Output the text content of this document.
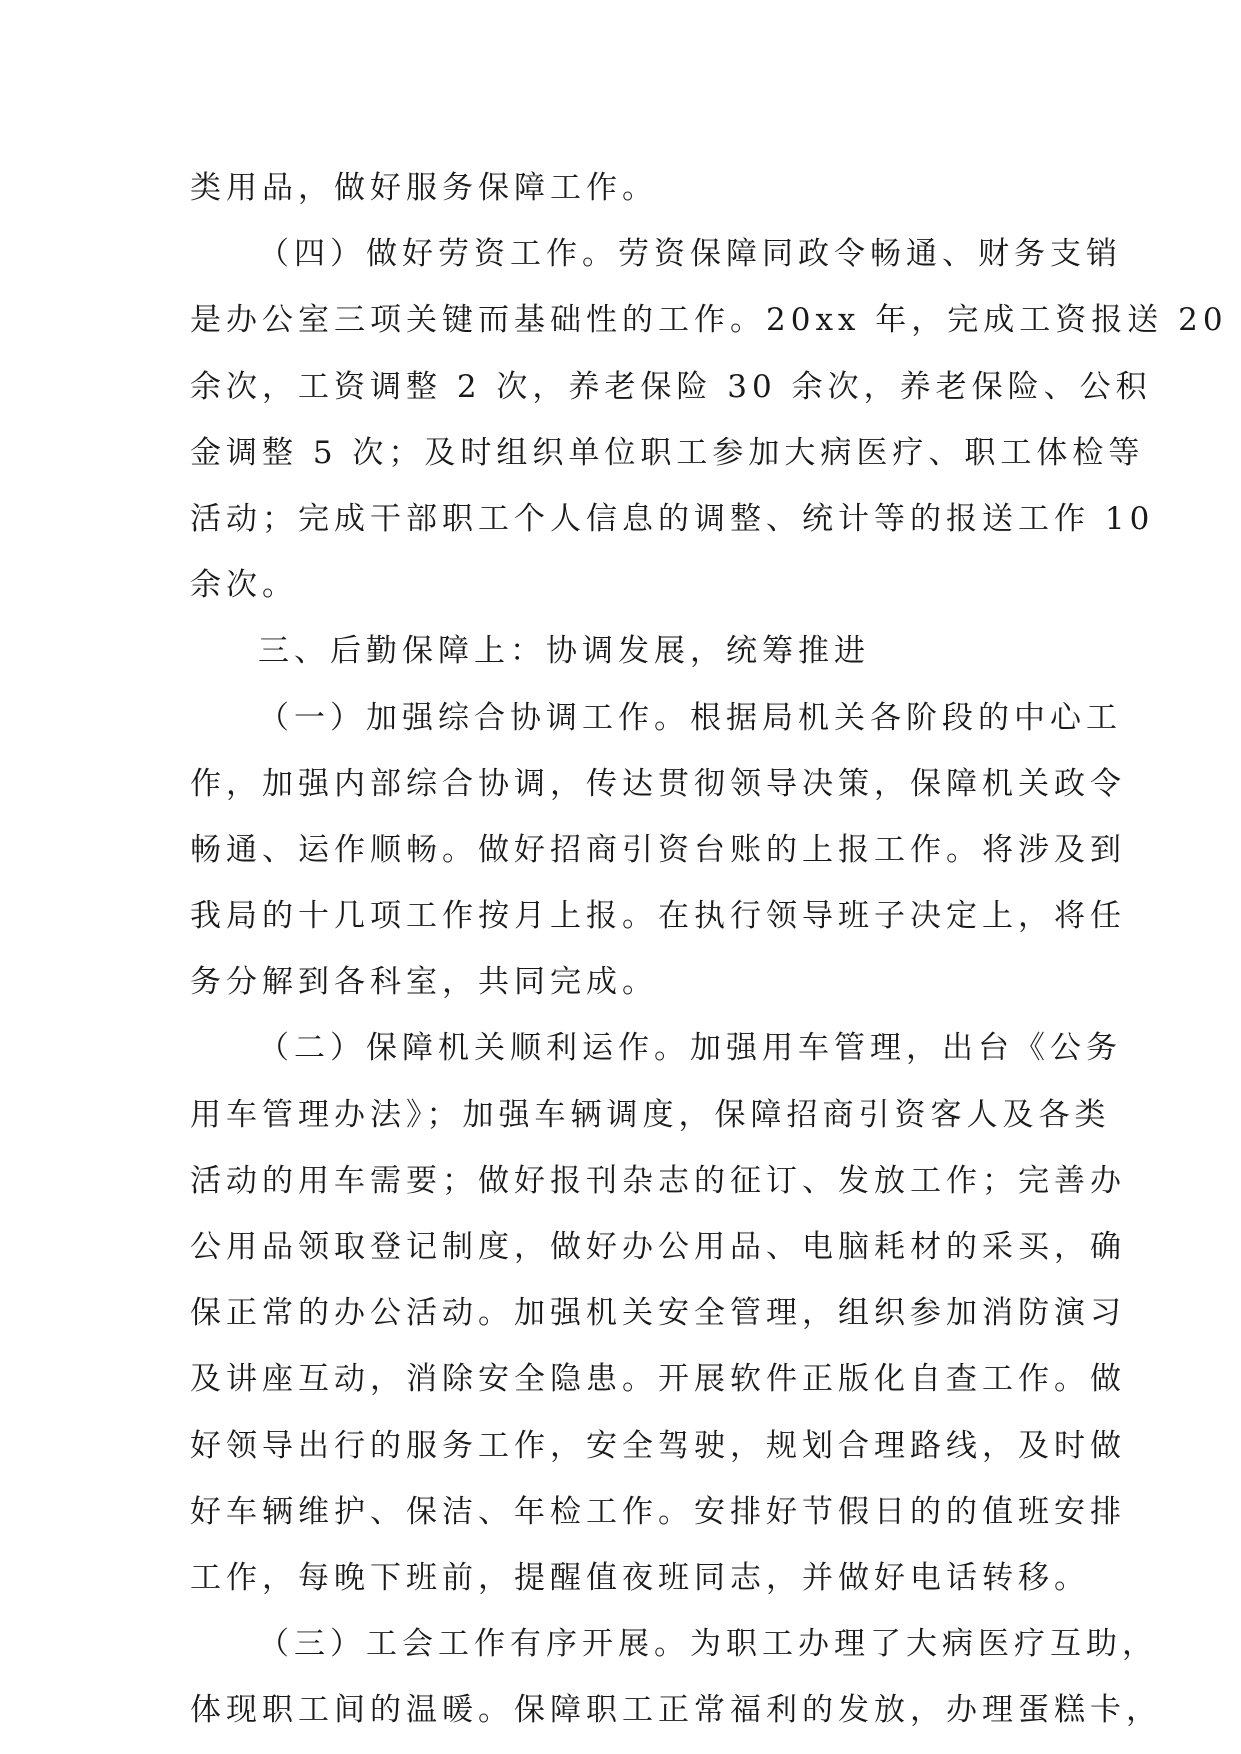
类用品，做好服务保障工作。
（四）做好劳资工作。劳资保障同政令畅通、财务支销
是办公室三项关键而基础性的工作。20xx 年，完成工资报送 20
余次，工资调整 2 次，养老保险 30 余次，养老保险、公积
金调整 5 次；及时组织单位职工参加大病医疗、职工体检等
活动；完成干部职工个人信息的调整、统计等的报送工作 10
余次。
三、后勤保障上：协调发展，统筹推进
（一）加强综合协调工作。根据局机关各阶段的中心工
作，加强内部综合协调，传达贯彻领导决策，保障机关政令
畅通、运作顺畅。做好招商引资台账的上报工作。将涉及到
我局的十几项工作按月上报。在执行领导班子决定上，将任
务分解到各科室，共同完成。
（二）保障机关顺利运作。加强用车管理，出台《公务
用车管理办法》；加强车辆调度，保障招商引资客人及各类
活动的用车需要；做好报刊杂志的征订、发放工作；完善办
公用品领取登记制度，做好办公用品、电脑耗材的采买，确
保正常的办公活动。加强机关安全管理，组织参加消防演习
及讲座互动，消除安全隐患。开展软件正版化自查工作。做
好领导出行的服务工作，安全驾驶，规划合理路线，及时做
好车辆维护、保洁、年检工作。安排好节假日的的值班安排
工作，每晚下班前，提醒值夜班同志，并做好电话转移。
（三）工会工作有序开展。为职工办理了大病医疗互助，
体现职工间的温暖。保障职工正常福利的发放，办理蛋糕卡，
